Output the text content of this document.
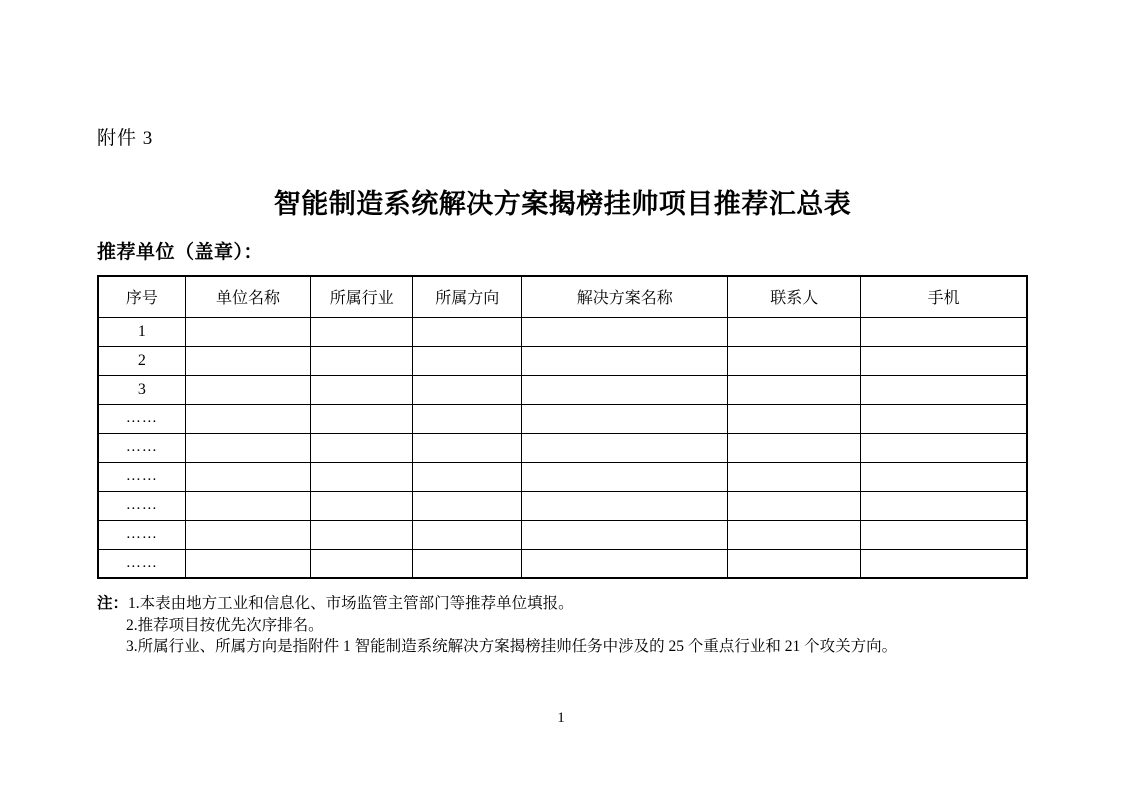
附件 3
智能制造系统解决方案揭榜挂帅项目推荐汇总表
推荐单位（盖章）：
序号	单位名称	所属行业	所属方向	解决方案名称	联系人	手机
1						
2						
3						
……						
……						
……						
……						
……						
……						
注：1.本表由地方工业和信息化、市场监管主管部门等推荐单位填报。
2.推荐项目按优先次序排名。
3.所属行业、所属方向是指附件 1 智能制造系统解决方案揭榜挂帅任务中涉及的 25 个重点行业和 21 个攻关方向。
1
